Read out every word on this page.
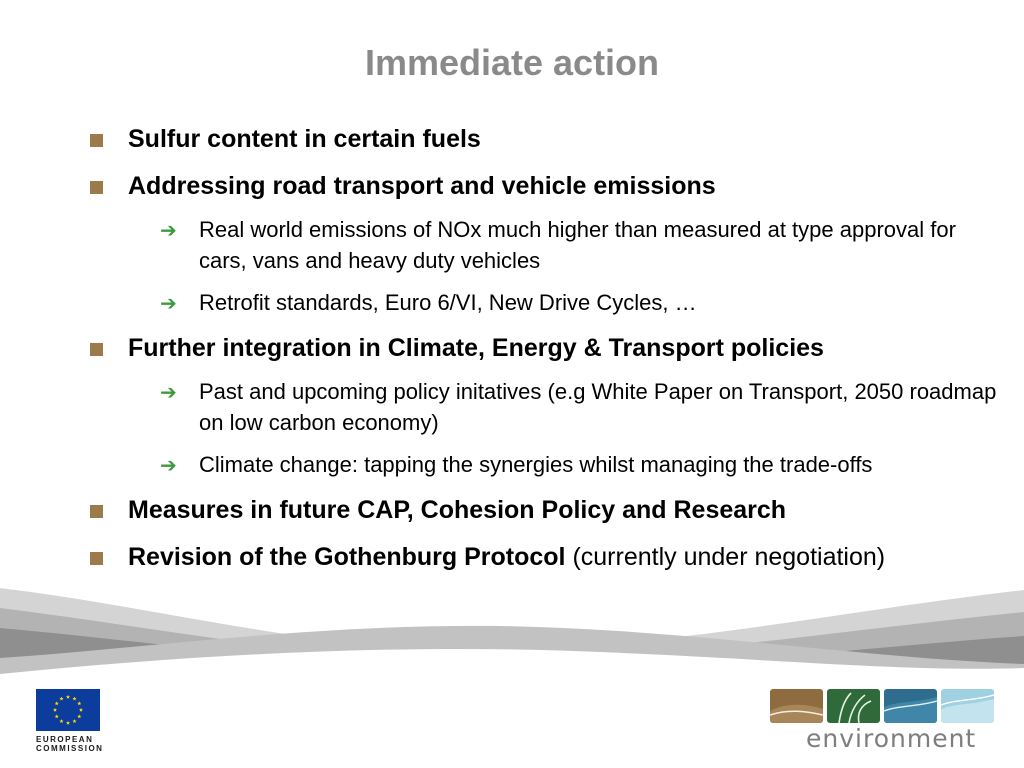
Immediate action
Sulfur content in certain fuels
Addressing road transport and vehicle emissions
➔ Real world emissions of NOx much higher than measured at type approval for cars, vans and heavy duty vehicles
➔ Retrofit standards, Euro 6/VI, New Drive Cycles, …
Further integration in Climate, Energy & Transport policies
➔ Past and upcoming policy initatives (e.g White Paper on Transport, 2050 roadmap on low carbon economy)
➔ Climate change: tapping the synergies whilst managing the trade-offs
Measures in future CAP, Cohesion Policy and Research
Revision of the Gothenburg Protocol (currently under negotiation)
EUROPEAN
COMMISSION	environment
